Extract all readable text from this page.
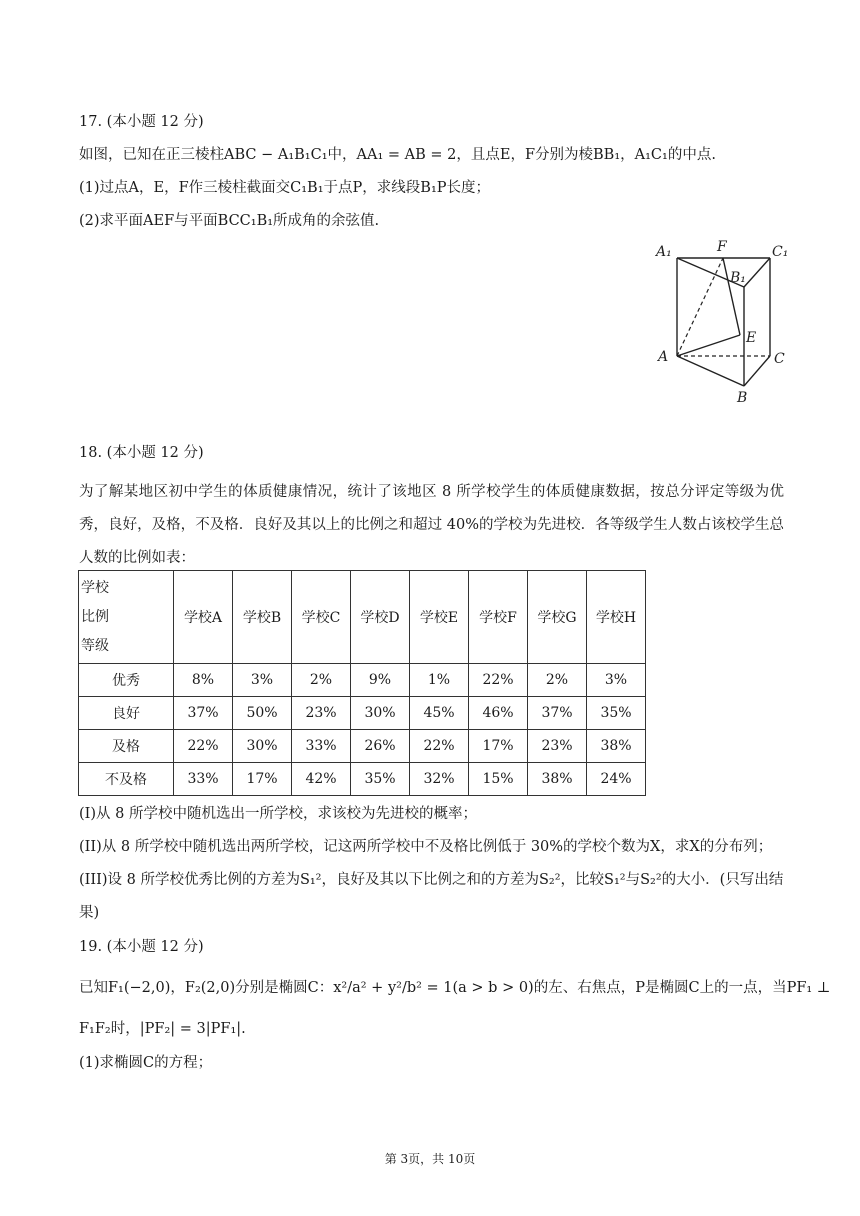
17. (本小题 12 分)
如图，已知在正三棱柱ABC − A₁B₁C₁中，AA₁ = AB = 2，且点E，F分别为棱BB₁，A₁C₁的中点.
(1)过点A，E，F作三棱柱截面交C₁B₁于点P，求线段B₁P长度；
(2)求平面AEF与平面BCC₁B₁所成角的余弦值.
A₁	F	C₁
B₁
E
A	C
B
18. (本小题 12 分)
为了解某地区初中学生的体质健康情况，统计了该地区 8 所学校学生的体质健康数据，按总分评定等级为优秀，良好，及格，不及格．良好及其以上的比例之和超过 40%的学校为先进校．各等级学生人数占该校学生总人数的比例如表：
学校
比例
等级	学校A	学校B	学校C	学校D	学校E	学校F	学校G	学校H
优秀	8%	3%	2%	9%	1%	22%	2%	3%
良好	37%	50%	23%	30%	45%	46%	37%	35%
及格	22%	30%	33%	26%	22%	17%	23%	38%
不及格	33%	17%	42%	35%	32%	15%	38%	24%
(I)从 8 所学校中随机选出一所学校，求该校为先进校的概率；
(II)从 8 所学校中随机选出两所学校，记这两所学校中不及格比例低于 30%的学校个数为X，求X的分布列；
(III)设 8 所学校优秀比例的方差为S₁²，良好及其以下比例之和的方差为S₂²，比较S₁²与S₂²的大小．(只写出结
果)
19. (本小题 12 分)
已知F₁(−2,0)，F₂(2,0)分别是椭圆C：x²/a² + y²/b² = 1(a > b > 0)的左、右焦点，P是椭圆C上的一点，当PF₁ ⊥
F₁F₂时，|PF₂| = 3|PF₁|.
(1)求椭圆C的方程；
第 3页，共 10页
